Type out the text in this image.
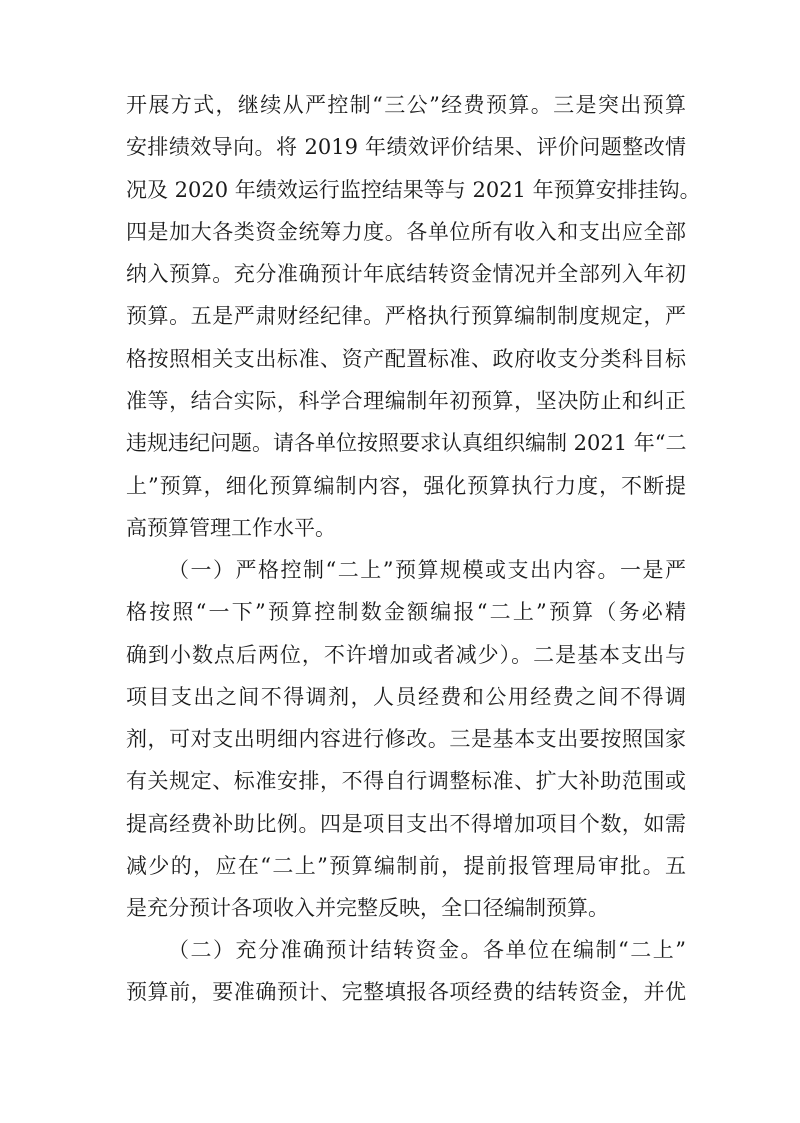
开展方式，继续从严控制“三公”经费预算。三是突出预算
安排绩效导向。将 2019 年绩效评价结果、评价问题整改情
况及 2020 年绩效运行监控结果等与 2021 年预算安排挂钩。
四是加大各类资金统筹力度。各单位所有收入和支出应全部
纳入预算。充分准确预计年底结转资金情况并全部列入年初
预算。五是严肃财经纪律。严格执行预算编制制度规定，严
格按照相关支出标准、资产配置标准、政府收支分类科目标
准等，结合实际，科学合理编制年初预算，坚决防止和纠正
违规违纪问题。请各单位按照要求认真组织编制 2021 年“二
上”预算，细化预算编制内容，强化预算执行力度，不断提
高预算管理工作水平。
（一）严格控制“二上”预算规模或支出内容。一是严
格按照“一下”预算控制数金额编报“二上”预算（务必精
确到小数点后两位，不许增加或者减少）。二是基本支出与
项目支出之间不得调剂，人员经费和公用经费之间不得调
剂，可对支出明细内容进行修改。三是基本支出要按照国家
有关规定、标准安排，不得自行调整标准、扩大补助范围或
提高经费补助比例。四是项目支出不得增加项目个数，如需
减少的，应在“二上”预算编制前，提前报管理局审批。五
是充分预计各项收入并完整反映，全口径编制预算。
（二）充分准确预计结转资金。各单位在编制“二上”
预算前，要准确预计、完整填报各项经费的结转资金，并优
